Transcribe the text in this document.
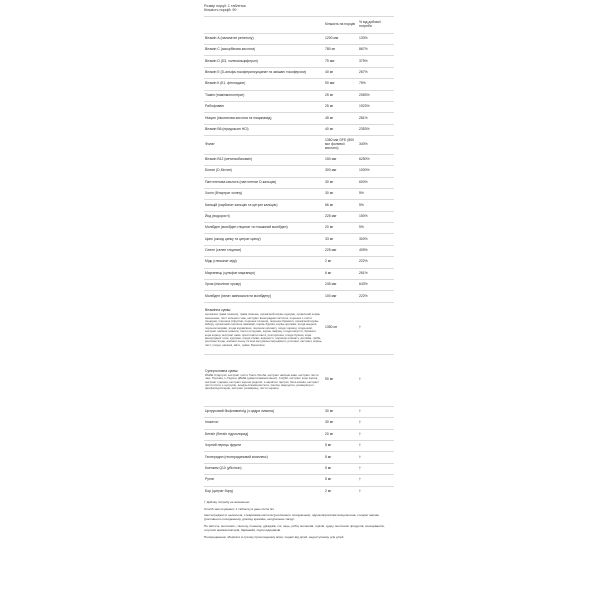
Розмір порції: 1 таблетка
Кількість порцій: 90
	Кількість на порцію	% від добової потреби
Вітамін А (пальмітат ретинолу)	1200 мкг	133%
Вітамін С (аскорбінова кислота)	780 мг	867%
Вітамін D (D3, холекальциферол)	75 мкг	375%
Вітамін Е (D-альфа-токоферилсукцинат та змішані токофероли)	40 мг	267%
Вітамін К (К1, фітонадіон)	90 мкг	75%
Тіамін (тіамінмононітрат)	25 мг	2083%
Рибофлавін	25 мг	1923%
Ніацин (нікотинова кислота та ніацинамід)	45 мг	281%
Вітамін В6 (піридоксин HCl)	40 мг	2353%
Фолат	1360 мкг DFE (800 мкг фолієвої кислоти)	340%
Вітамін В12 (метилкобаламін)	150 мкг	6250%
Біотин (D-біотин)	300 мкг	1000%
Пантотенова кислота (пантотенат D-кальцію)	30 мг	600%
Холін (бітартрат холіну)	30 мг	5%
Кальцій (карбонат кальцію та цитрат кальцію)	66 мг	5%
Йод (водорості)	225 мкг	150%
Молібден (молібден гліцинат та пташиний молібден)	20 мг	5%
Цинк (оксид цинку та цитрат цинку)	33 мг	300%
Селен (селен гліцинат)	225 мкг	409%
Мідь (глюконат міді)	2 мг	222%
Марганець (сульфат марганцю)	6 мг	261%
Хром (піколінат хрому)	245 мкг	643%
Молібден (хелат амінокислоти молібдену)	100 мкг	222%
Вітамінна суміш:
органічна трава пшениці, трава ячменю, органічний корінь куркуми, органічний корінь женьшеню, лист зеленого чаю, екстракт виноградних кісточок, порошок з листя люцерни, порошок спіруліни, порошок хлорели, порошок брокколі, органічний корінь імбиру, органічний порошок ламінарії, корінь буряка, корінь кропиви, ягода ацеролі, порошок моркви, ягода журавлини, порошок шпинату, ягода чорниці, ягода асаї, екстракт насіння граната, листя петрушки, корінь лакриці, плоди капусти, брокколі, кора кориці, екстракт кави, хрестоцвітні овочі, розторопша, плоди бузини, кора виноградної лози, куркума, плоди сливи, водорості, порошок шпинату, кропива, гриби, рослинні ягоди, насіння льону та інші натуральні інгредієнти, рослини, екстракт, корінь, лист, плоди, насіння, квіти, трави, Броколіни	1350 мг	†
Суперголовна суміш:
DMAE бітартрат, екстракт листя Гінкго білоба, екстракт насіння кави, екстракт листя чаю, Тирозин, L-Таурин, ДМАЕ (диметиламіноетанол), CoQ10, екстракт кори кориці, екстракт гуарани, екстракт кореня родіоли, L-карнітин тартрат, бета-аланін, екстракт листя м'яти, L-цитрулін, альфа-ліпоєва кислота, лікопін, кверцетин, ресвератрол, фосфатидилсерин, екстракт розмарину, листя чорниці	90 мг	†
Цитрусовий біофлавоноїд (з цедри лимона)	30 мг	†
Інозитол	30 мг	†
Бетаїн (бетаїн гідрохлорид)	20 мг	†
Чорний перець фрукти	5 мг	†
Гесперидин (гесперидиновий комплекс)	5 мг	†
Коензим Q10 (убіхінон)	5 мг	†
Рутин	5 мг	†
Бор (цитрат бору)	2 мг	†

† Добову потребу не визначено

Спосіб застосування: 1 таблетку в день після їжі.

Інші інгредієнти: целюлоза, стеаринова кислота (рослинного походження), гідроксипропілметилцелюлоза, стеарат магнію (рослинного походження), діоксид кремнію, натуральна глазур.

Не містить: молочних, глютену, пшениці, дріжджів, сої, яєць, риби, молюсків, горіхів, цукру, молочних продуктів, консервантів, штучних ароматизаторів, барвників, підсолоджувачів.

Попередження: зберігати в сухому прохолодному місці, подалі від дітей, недоступному для дітей.
